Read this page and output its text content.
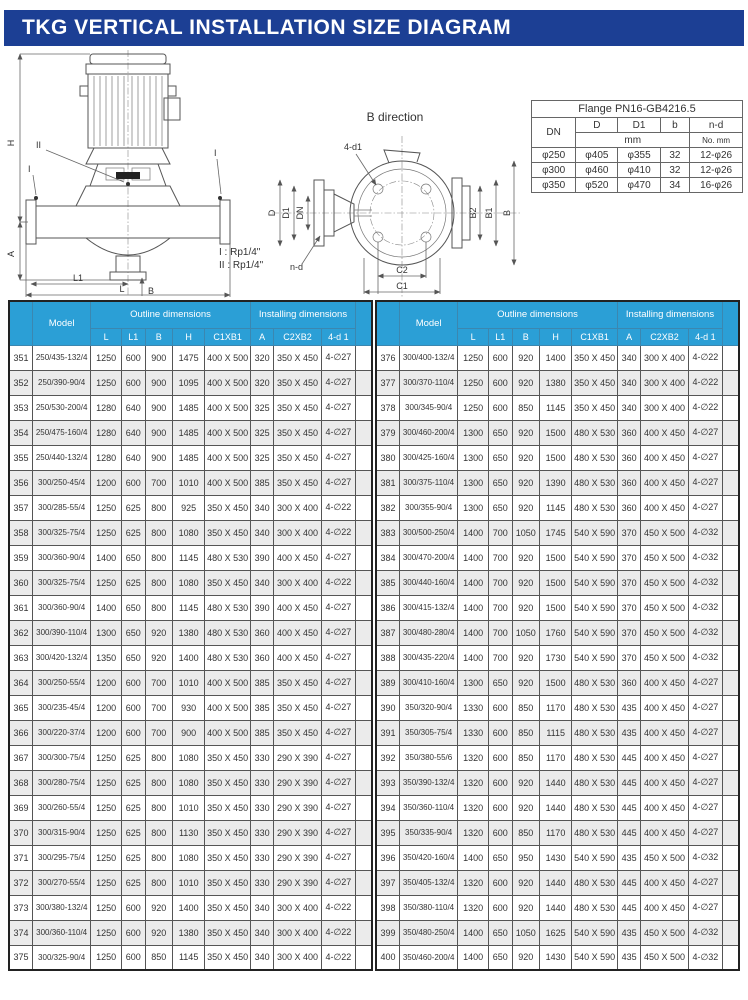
TKG VERTICAL INSTALLATION SIZE DIAGRAM
H
A
L1
L	B
II
I
I
B direction
D D1 DN
n-d
B2 B1 B
C2
C1
4-d1
I : Rp1/4"
II : Rp1/4"
Flange PN16-GB4216.5				
DN	D	D1	b	n-d
	mm			No. mm
φ250	φ405	φ355	32	12-φ26
φ300	φ460	φ410	32	12-φ26
φ350	φ520	φ470	34	16-φ26
	Model	Outline dimensions					Installing dimensions			
		L	L1	B	H	C1XB1	A	C2XB2	4-d 1	
351	250/435-132/4	1250	600	900	1475	400 X 500	320	350 X 450	4-∅27	
352	250/390-90/4	1250	600	900	1095	400 X 500	320	350 X 450	4-∅27	
353	250/530-200/4	1280	640	900	1485	400 X 500	325	350 X 450	4-∅27	
354	250/475-160/4	1280	640	900	1485	400 X 500	325	350 X 450	4-∅27	
355	250/440-132/4	1280	640	900	1485	400 X 500	325	350 X 450	4-∅27	
356	300/250-45/4	1200	600	700	1010	400 X 500	385	350 X 450	4-∅27	
357	300/285-55/4	1250	625	800	925	350 X 450	340	300 X 400	4-∅22	
358	300/325-75/4	1250	625	800	1080	350 X 450	340	300 X 400	4-∅22	
359	300/360-90/4	1400	650	800	1145	480 X 530	390	400 X 450	4-∅27	
360	300/325-75/4	1250	625	800	1080	350 X 450	340	300 X 400	4-∅22	
361	300/360-90/4	1400	650	800	1145	480 X 530	390	400 X 450	4-∅27	
362	300/390-110/4	1300	650	920	1380	480 X 530	360	400 X 450	4-∅27	
363	300/420-132/4	1350	650	920	1400	480 X 530	360	400 X 450	4-∅27	
364	300/250-55/4	1200	600	700	1010	400 X 500	385	350 X 450	4-∅27	
365	300/235-45/4	1200	600	700	930	400 X 500	385	350 X 450	4-∅27	
366	300/220-37/4	1200	600	700	900	400 X 500	385	350 X 450	4-∅27	
367	300/300-75/4	1250	625	800	1080	350 X 450	330	290 X 390	4-∅27	
368	300/280-75/4	1250	625	800	1080	350 X 450	330	290 X 390	4-∅27	
369	300/260-55/4	1250	625	800	1010	350 X 450	330	290 X 390	4-∅27	
370	300/315-90/4	1250	625	800	1130	350 X 450	330	290 X 390	4-∅27	
371	300/295-75/4	1250	625	800	1080	350 X 450	330	290 X 390	4-∅27	
372	300/270-55/4	1250	625	800	1010	350 X 450	330	290 X 390	4-∅27	
373	300/380-132/4	1250	600	920	1400	350 X 450	340	300 X 400	4-∅22	
374	300/360-110/4	1250	600	920	1380	350 X 450	340	300 X 400	4-∅22	
375	300/325-90/4	1250	600	850	1145	350 X 450	340	300 X 400	4-∅22	
	Model	Outline dimensions					Installing dimensions			
		L	L1	B	H	C1XB1	A	C2XB2	4-d 1	
376	300/400-132/4	1250	600	920	1400	350 X 450	340	300 X 400	4-∅22	
377	300/370-110/4	1250	600	920	1380	350 X 450	340	300 X 400	4-∅22	
378	300/345-90/4	1250	600	850	1145	350 X 450	340	300 X 400	4-∅22	
379	300/460-200/4	1300	650	920	1500	480 X 530	360	400 X 450	4-∅27	
380	300/425-160/4	1300	650	920	1500	480 X 530	360	400 X 450	4-∅27	
381	300/375-110/4	1300	650	920	1390	480 X 530	360	400 X 450	4-∅27	
382	300/355-90/4	1300	650	920	1145	480 X 530	360	400 X 450	4-∅27	
383	300/500-250/4	1400	700	1050	1745	540 X 590	370	450 X 500	4-∅32	
384	300/470-200/4	1400	700	920	1500	540 X 590	370	450 X 500	4-∅32	
385	300/440-160/4	1400	700	920	1500	540 X 590	370	450 X 500	4-∅32	
386	300/415-132/4	1400	700	920	1500	540 X 590	370	450 X 500	4-∅32	
387	300/480-280/4	1400	700	1050	1760	540 X 590	370	450 X 500	4-∅32	
388	300/435-220/4	1400	700	920	1730	540 X 590	370	450 X 500	4-∅32	
389	300/410-160/4	1300	650	920	1500	480 X 530	360	400 X 450	4-∅27	
390	350/320-90/4	1330	600	850	1170	480 X 530	435	400 X 450	4-∅27	
391	350/305-75/4	1330	600	850	1115	480 X 530	435	400 X 450	4-∅27	
392	350/380-55/6	1320	600	850	1170	480 X 530	445	400 X 450	4-∅27	
393	350/390-132/4	1320	600	920	1440	480 X 530	445	400 X 450	4-∅27	
394	350/360-110/4	1320	600	920	1440	480 X 530	445	400 X 450	4-∅27	
395	350/335-90/4	1320	600	850	1170	480 X 530	445	400 X 450	4-∅27	
396	350/420-160/4	1400	650	950	1430	540 X 590	435	450 X 500	4-∅32	
397	350/405-132/4	1320	600	920	1440	480 X 530	445	400 X 450	4-∅27	
398	350/380-110/4	1320	600	920	1440	480 X 530	445	400 X 450	4-∅27	
399	350/480-250/4	1400	650	1050	1625	540 X 590	435	450 X 500	4-∅32	
400	350/460-200/4	1400	650	920	1430	540 X 590	435	450 X 500	4-∅32	
